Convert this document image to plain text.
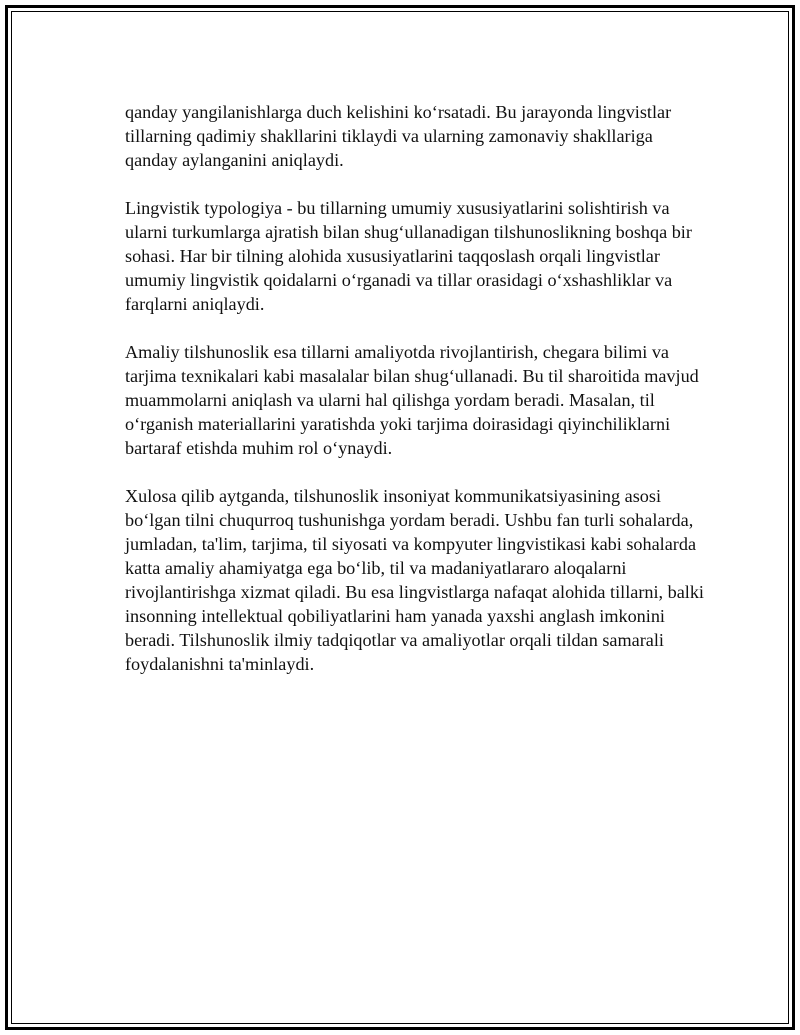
qanday yangilanishlarga duch kelishini ko‘rsatadi. Bu jarayonda lingvistlar tillarning qadimiy shakllarini tiklaydi va ularning zamonaviy shakllariga qanday aylanganini aniqlaydi.

Lingvistik typologiya - bu tillarning umumiy xususiyatlarini solishtirish va ularni turkumlarga ajratish bilan shug‘ullanadigan tilshunoslikning boshqa bir sohasi. Har bir tilning alohida xususiyatlarini taqqoslash orqali lingvistlar umumiy lingvistik qoidalarni o‘rganadi va tillar orasidagi o‘xshashliklar va farqlarni aniqlaydi.

Amaliy tilshunoslik esa tillarni amaliyotda rivojlantirish, chegara bilimi va tarjima texnikalari kabi masalalar bilan shug‘ullanadi. Bu til sharoitida mavjud muammolarni aniqlash va ularni hal qilishga yordam beradi. Masalan, til o‘rganish materiallarini yaratishda yoki tarjima doirasidagi qiyinchiliklarni bartaraf etishda muhim rol o‘ynaydi.

Xulosa qilib aytganda, tilshunoslik insoniyat kommunikatsiyasining asosi bo‘lgan tilni chuqurroq tushunishga yordam beradi. Ushbu fan turli sohalarda, jumladan, ta'lim, tarjima, til siyosati va kompyuter lingvistikasi kabi sohalarda katta amaliy ahamiyatga ega bo‘lib, til va madaniyatlararo aloqalarni rivojlantirishga xizmat qiladi. Bu esa lingvistlarga nafaqat alohida tillarni, balki insonning intellektual qobiliyatlarini ham yanada yaxshi anglash imkonini beradi. Tilshunoslik ilmiy tadqiqotlar va amaliyotlar orqali tildan samarali foydalanishni ta'minlaydi.
